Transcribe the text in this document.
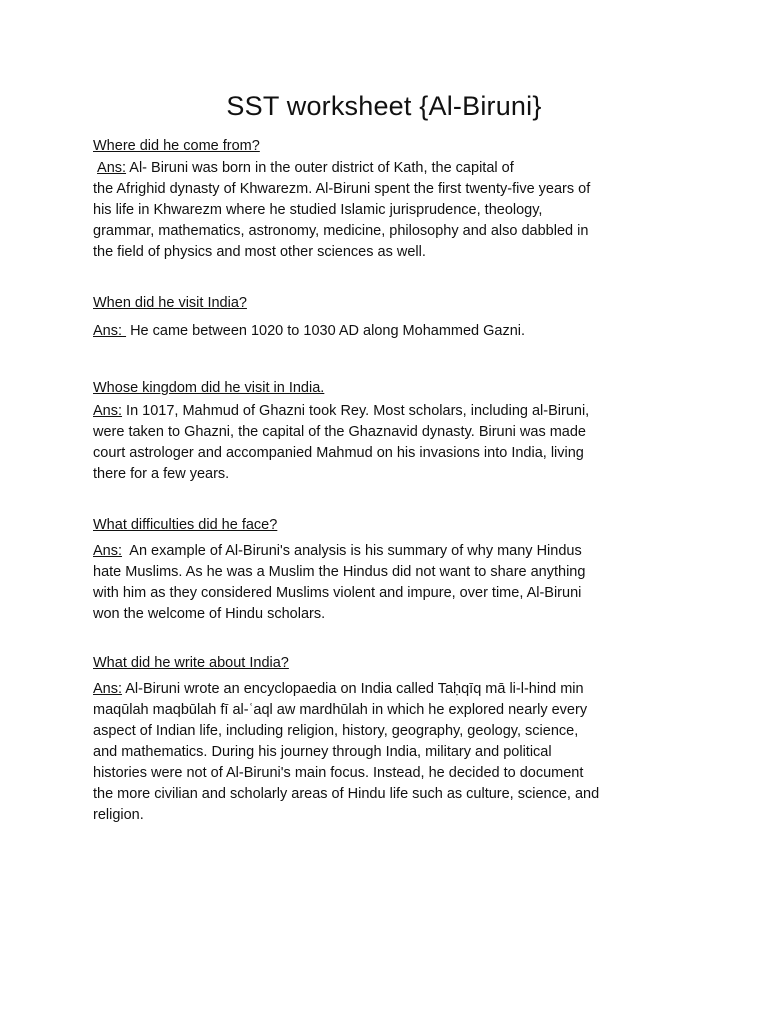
SST worksheet {Al-Biruni}
Where did he come from?

Ans: Al- Biruni was born in the outer district of Kath, the capital of
the Afrighid dynasty of Khwarezm. Al-Biruni spent the first twenty-five years of
his life in Khwarezm where he studied Islamic jurisprudence, theology,
grammar, mathematics, astronomy, medicine, philosophy and also dabbled in
the field of physics and most other sciences as well.

When did he visit India?

Ans: He came between 1020 to 1030 AD along Mohammed Gazni.

Whose kingdom did he visit in India.

Ans: In 1017, Mahmud of Ghazni took Rey. Most scholars, including al-Biruni,
were taken to Ghazni, the capital of the Ghaznavid dynasty. Biruni was made
court astrologer and accompanied Mahmud on his invasions into India, living
there for a few years.

What difficulties did he face?

Ans: An example of Al-Biruni's analysis is his summary of why many Hindus
hate Muslims. As he was a Muslim the Hindus did not want to share anything
with him as they considered Muslims violent and impure, over time, Al-Biruni
won the welcome of Hindu scholars.

What did he write about India?

Ans: Al-Biruni wrote an encyclopaedia on India called Taḥqīq mā li-l-hind min
maqūlah maqbūlah fī al-ʿaql aw mardhūlah in which he explored nearly every
aspect of Indian life, including religion, history, geography, geology, science,
and mathematics. During his journey through India, military and political
histories were not of Al-Biruni's main focus. Instead, he decided to document
the more civilian and scholarly areas of Hindu life such as culture, science, and
religion.
